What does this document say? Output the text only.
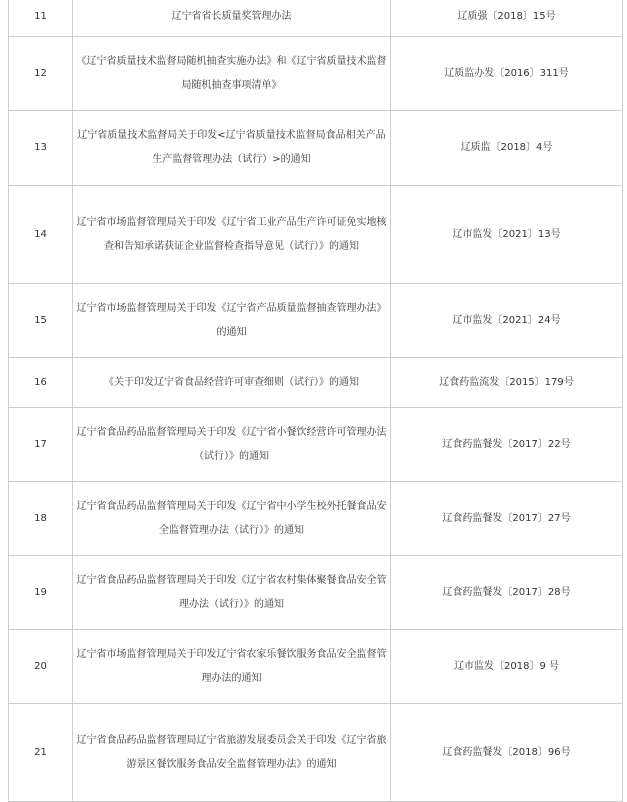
11	辽宁省省长质量奖管理办法	辽质强〔2018〕15号
12	《辽宁省质量技术监督局随机抽查实施办法》和《辽宁省质量技术监督局随机抽查事项清单》	辽质监办发〔2016〕311号
13	辽宁省质量技术监督局关于印发<辽宁省质量技术监督局食品相关产品生产监督管理办法（试行）>的通知	辽质监〔2018〕4号
14	辽宁省市场监督管理局关于印发《辽宁省工业产品生产许可证免实地核查和告知承诺获证企业监督检查指导意见（试行）》的通知	辽市监发〔2021〕13号
15	辽宁省市场监督管理局关于印发《辽宁省产品质量监督抽查管理办法》的通知	辽市监发〔2021〕24号
16	《关于印发辽宁省食品经营许可审查细则（试行）》的通知	辽食药监流发〔2015〕179号
17	辽宁省食品药品监督管理局关于印发《辽宁省小餐饮经营许可管理办法（试行）》的通知	辽食药监餐发〔2017〕22号
18	辽宁省食品药品监督管理局关于印发《辽宁省中小学生校外托餐食品安全监督管理办法（试行）》的通知	辽食药监餐发〔2017〕27号
19	辽宁省食品药品监督管理局关于印发《辽宁省农村集体聚餐食品安全管理办法（试行）》的通知	辽食药监餐发〔2017〕28号
20	辽宁省市场监督管理局关于印发辽宁省农家乐餐饮服务食品安全监督管理办法的通知	辽市监发〔2018〕9 号
21	辽宁省食品药品监督管理局辽宁省旅游发展委员会关于印发《辽宁省旅游景区餐饮服务食品安全监督管理办法》的通知	辽食药监餐发〔2018〕96号
